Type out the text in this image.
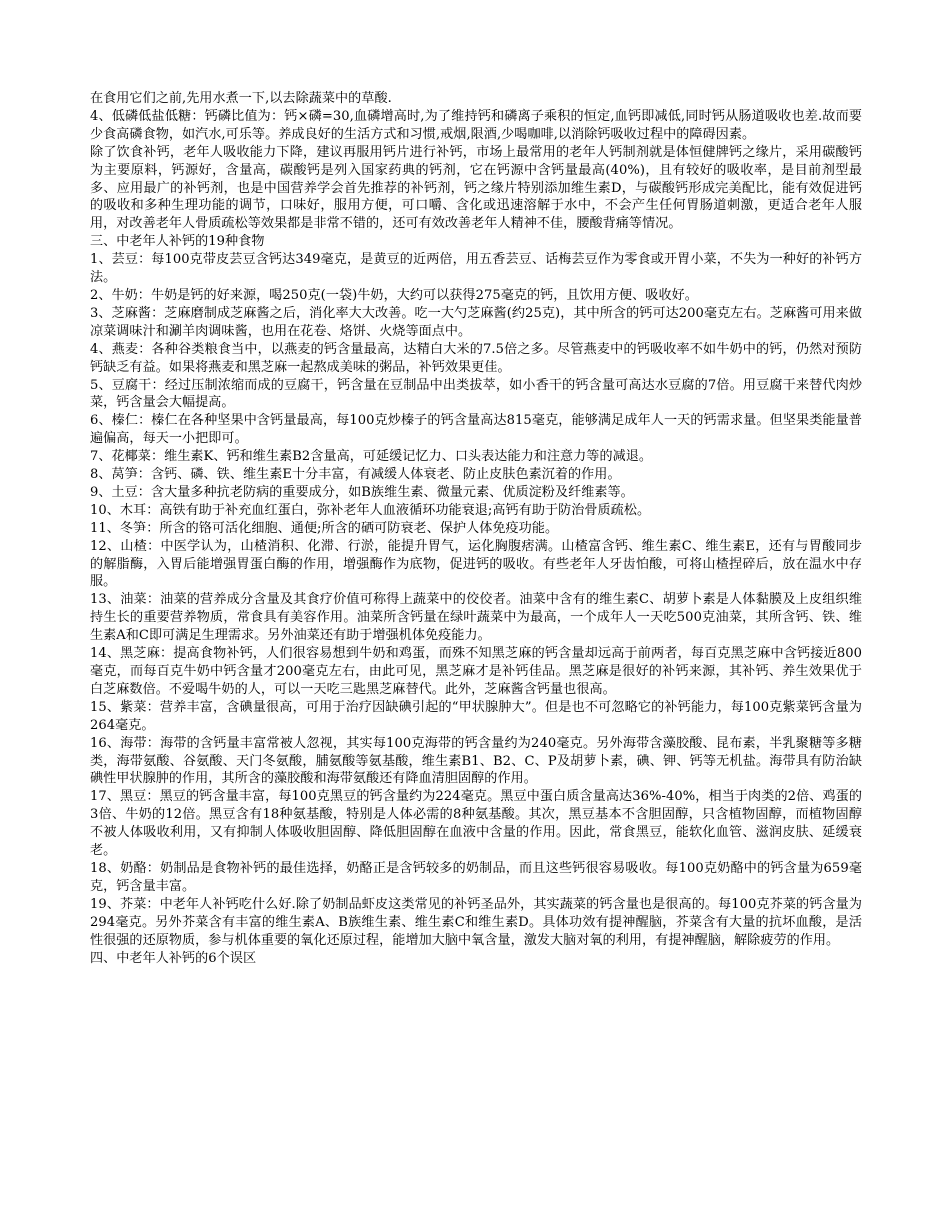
在食用它们之前,先用水煮一下,以去除蔬菜中的草酸.

4、低磷低盐低糖：钙磷比值为：钙×磷=30,血磷增高时,为了维持钙和磷离子乘积的恒定,血钙即减低,同时钙从肠道吸收也差.故而要少食高磷食物，如汽水,可乐等。养成良好的生活方式和习惯,戒烟,限酒,少喝咖啡,以消除钙吸收过程中的障碍因素。

除了饮食补钙，老年人吸收能力下降，建议再服用钙片进行补钙，市场上最常用的老年人钙制剂就是体恒健牌钙之缘片，采用碳酸钙为主要原料，钙源好，含量高，碳酸钙是列入国家药典的钙剂，它在钙源中含钙量最高(40%)，且有较好的吸收率，是目前剂型最多、应用最广的补钙剂，也是中国营养学会首先推荐的补钙剂，钙之缘片特别添加维生素D，与碳酸钙形成完美配比，能有效促进钙的吸收和多种生理功能的调节，口味好，服用方便，可口嚼、含化或迅速溶解于水中，不会产生任何胃肠道刺激，更适合老年人服用，对改善老年人骨质疏松等效果都是非常不错的，还可有效改善老年人精神不佳，腰酸背痛等情况。

三、中老年人补钙的19种食物

1、芸豆：每100克带皮芸豆含钙达349毫克，是黄豆的近两倍，用五香芸豆、话梅芸豆作为零食或开胃小菜，不失为一种好的补钙方法。

2、牛奶：牛奶是钙的好来源，喝250克(一袋)牛奶，大约可以获得275毫克的钙，且饮用方便、吸收好。

3、芝麻酱：芝麻磨制成芝麻酱之后，消化率大大改善。吃一大勺芝麻酱(约25克)，其中所含的钙可达200毫克左右。芝麻酱可用来做凉菜调味汁和涮羊肉调味酱，也用在花卷、烙饼、火烧等面点中。

4、燕麦：各种谷类粮食当中，以燕麦的钙含量最高，达精白大米的7.5倍之多。尽管燕麦中的钙吸收率不如牛奶中的钙，仍然对预防钙缺乏有益。如果将燕麦和黑芝麻一起熬成美味的粥品，补钙效果更佳。

5、豆腐干：经过压制浓缩而成的豆腐干，钙含量在豆制品中出类拔萃，如小香干的钙含量可高达水豆腐的7倍。用豆腐干来替代肉炒菜，钙含量会大幅提高。

6、榛仁：榛仁在各种坚果中含钙量最高，每100克炒榛子的钙含量高达815毫克，能够满足成年人一天的钙需求量。但坚果类能量普遍偏高，每天一小把即可。

7、花椰菜：维生素K、钙和维生素B2含量高，可延缓记忆力、口头表达能力和注意力等的减退。

8、莴笋：含钙、磷、铁、维生素E十分丰富，有减缓人体衰老、防止皮肤色素沉着的作用。

9、土豆：含大量多种抗老防病的重要成分，如B族维生素、微量元素、优质淀粉及纤维素等。

10、木耳：高铁有助于补充血红蛋白，弥补老年人血液循环功能衰退;高钙有助于防治骨质疏松。

11、冬笋：所含的铬可活化细胞、通便;所含的硒可防衰老、保护人体免疫功能。

12、山楂：中医学认为，山楂消积、化滞、行淤，能提升胃气，运化胸腹痞满。山楂富含钙、维生素C、维生素E，还有与胃酸同步的解脂酶，入胃后能增强胃蛋白酶的作用，增强酶作为底物，促进钙的吸收。有些老年人牙齿怕酸，可将山楂捏碎后，放在温水中存服。

13、油菜：油菜的营养成分含量及其食疗价值可称得上蔬菜中的佼佼者。油菜中含有的维生素C、胡萝卜素是人体黏膜及上皮组织维持生长的重要营养物质，常食具有美容作用。油菜所含钙量在绿叶蔬菜中为最高，一个成年人一天吃500克油菜，其所含钙、铁、维生素A和C即可满足生理需求。另外油菜还有助于增强机体免疫能力。

14、黑芝麻：提高食物补钙，人们很容易想到牛奶和鸡蛋，而殊不知黑芝麻的钙含量却远高于前两者，每百克黑芝麻中含钙接近800毫克，而每百克牛奶中钙含量才200毫克左右，由此可见，黑芝麻才是补钙佳品。黑芝麻是很好的补钙来源，其补钙、养生效果优于白芝麻数倍。不爱喝牛奶的人，可以一天吃三匙黑芝麻替代。此外，芝麻酱含钙量也很高。

15、紫菜：营养丰富，含碘量很高，可用于治疗因缺碘引起的“甲状腺肿大”。但是也不可忽略它的补钙能力，每100克紫菜钙含量为264毫克。

16、海带：海带的含钙量丰富常被人忽视，其实每100克海带的钙含量约为240毫克。另外海带含藻胶酸、昆布素，半乳聚糖等多糖类，海带氨酸、谷氨酸、天门冬氨酸，脯氨酸等氨基酸，维生素B1、B2、C、P及胡萝卜素，碘、钾、钙等无机盐。海带具有防治缺碘性甲状腺肿的作用，其所含的藻胶酸和海带氨酸还有降血清胆固醇的作用。

17、黑豆：黑豆的钙含量丰富，每100克黑豆的钙含量约为224毫克。黑豆中蛋白质含量高达36%-40%，相当于肉类的2倍、鸡蛋的3倍、牛奶的12倍。黑豆含有18种氨基酸，特别是人体必需的8种氨基酸。其次，黑豆基本不含胆固醇，只含植物固醇，而植物固醇不被人体吸收利用，又有抑制人体吸收胆固醇、降低胆固醇在血液中含量的作用。因此，常食黑豆，能软化血管、滋润皮肤、延缓衰老。

18、奶酪：奶制品是食物补钙的最佳选择，奶酪正是含钙较多的奶制品，而且这些钙很容易吸收。每100克奶酪中的钙含量为659毫克，钙含量丰富。

19、芥菜：中老年人补钙吃什么好.除了奶制品虾皮这类常见的补钙圣品外，其实蔬菜的钙含量也是很高的。每100克芥菜的钙含量为294毫克。另外芥菜含有丰富的维生素A、B族维生素、维生素C和维生素D。具体功效有提神醒脑，芥菜含有大量的抗坏血酸，是活性很强的还原物质，参与机体重要的氧化还原过程，能增加大脑中氧含量，激发大脑对氧的利用，有提神醒脑，解除疲劳的作用。

四、中老年人补钙的6个误区
